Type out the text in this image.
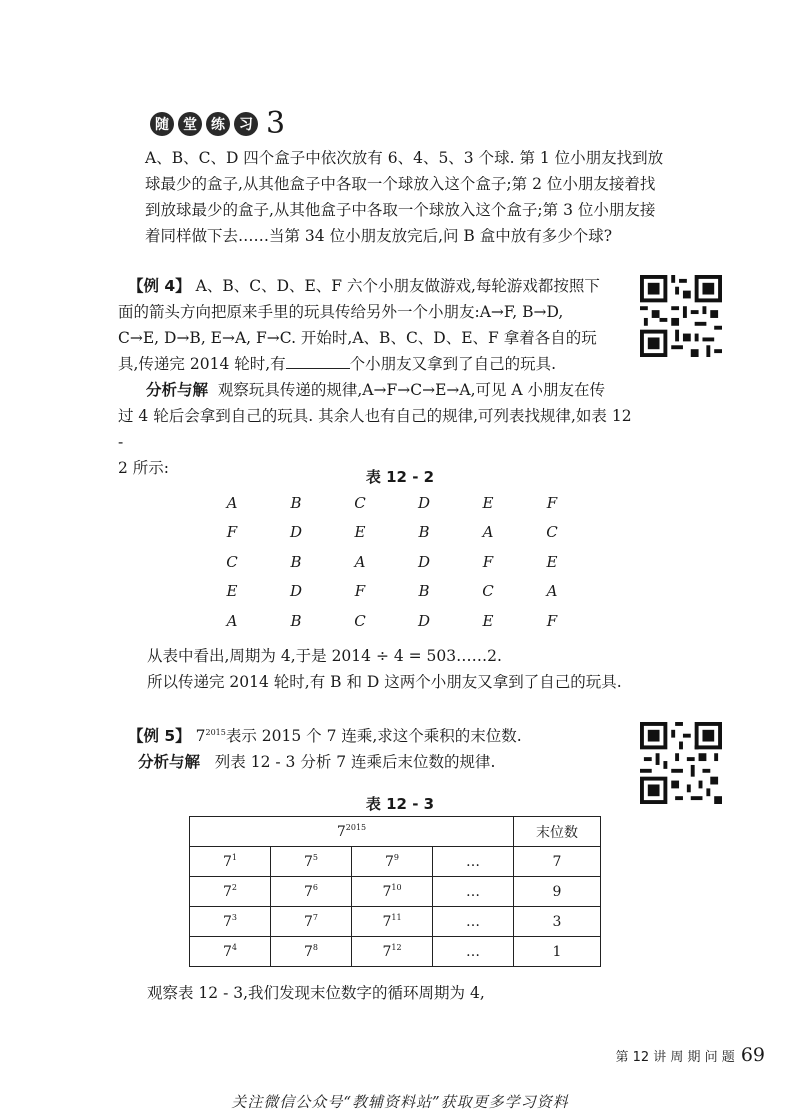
随	堂	练	习 3
A、B、C、D 四个盒子中依次放有 6、4、5、3 个球. 第 1 位小朋友找到放
球最少的盒子,从其他盒子中各取一个球放入这个盒子;第 2 位小朋友接着找
到放球最少的盒子,从其他盒子中各取一个球放入这个盒子;第 3 位小朋友接
着同样做下去……当第 34 位小朋友放完后,问 B 盒中放有多少个球?
【例 4】 A、B、C、D、E、F 六个小朋友做游戏,每轮游戏都按照下
面的箭头方向把原来手里的玩具传给另外一个小朋友:A→F, B→D,
C→E, D→B, E→A, F→C. 开始时,A、B、C、D、E、F 拿着各自的玩
具,传递完 2014 轮时,有	个小朋友又拿到了自己的玩具.
分析与解 观察玩具传递的规律,A→F→C→E→A,可见 A 小朋友在传
过 4 轮后会拿到自己的玩具. 其余人也有自己的规律,可列表找规律,如表 12 -
2 所示:	表 12 - 2
A	B	C	D	E	F
F	D	E	B	A	C
C	B	A	D	F	E
E	D	F	B	C	A
A	B	C	D	E	F
从表中看出,周期为 4,于是 2014 ÷ 4 = 503……2.
所以传递完 2014 轮时,有 B 和 D 这两个小朋友又拿到了自己的玩具.
【例 5】 $7^{2015}$表示 2015 个 7 连乘,求这个乘积的末位数.
分析与解 列表 12 - 3 分析 7 连乘后末位数的规律.
表 12 - 3
$7^{2015}$				末位数
$7^1$	$7^5$	$7^9$	…	7
$7^2$	$7^6$	$7^{10}$	…	9
$7^3$	$7^7$	$7^{11}$	…	3
$7^4$	$7^8$	$7^{12}$	…	1
观察表 12 - 3,我们发现末位数字的循环周期为 4,
第 12 讲 周 期 问 题 69
关注微信公众号“教辅资料站”获取更多学习资料
